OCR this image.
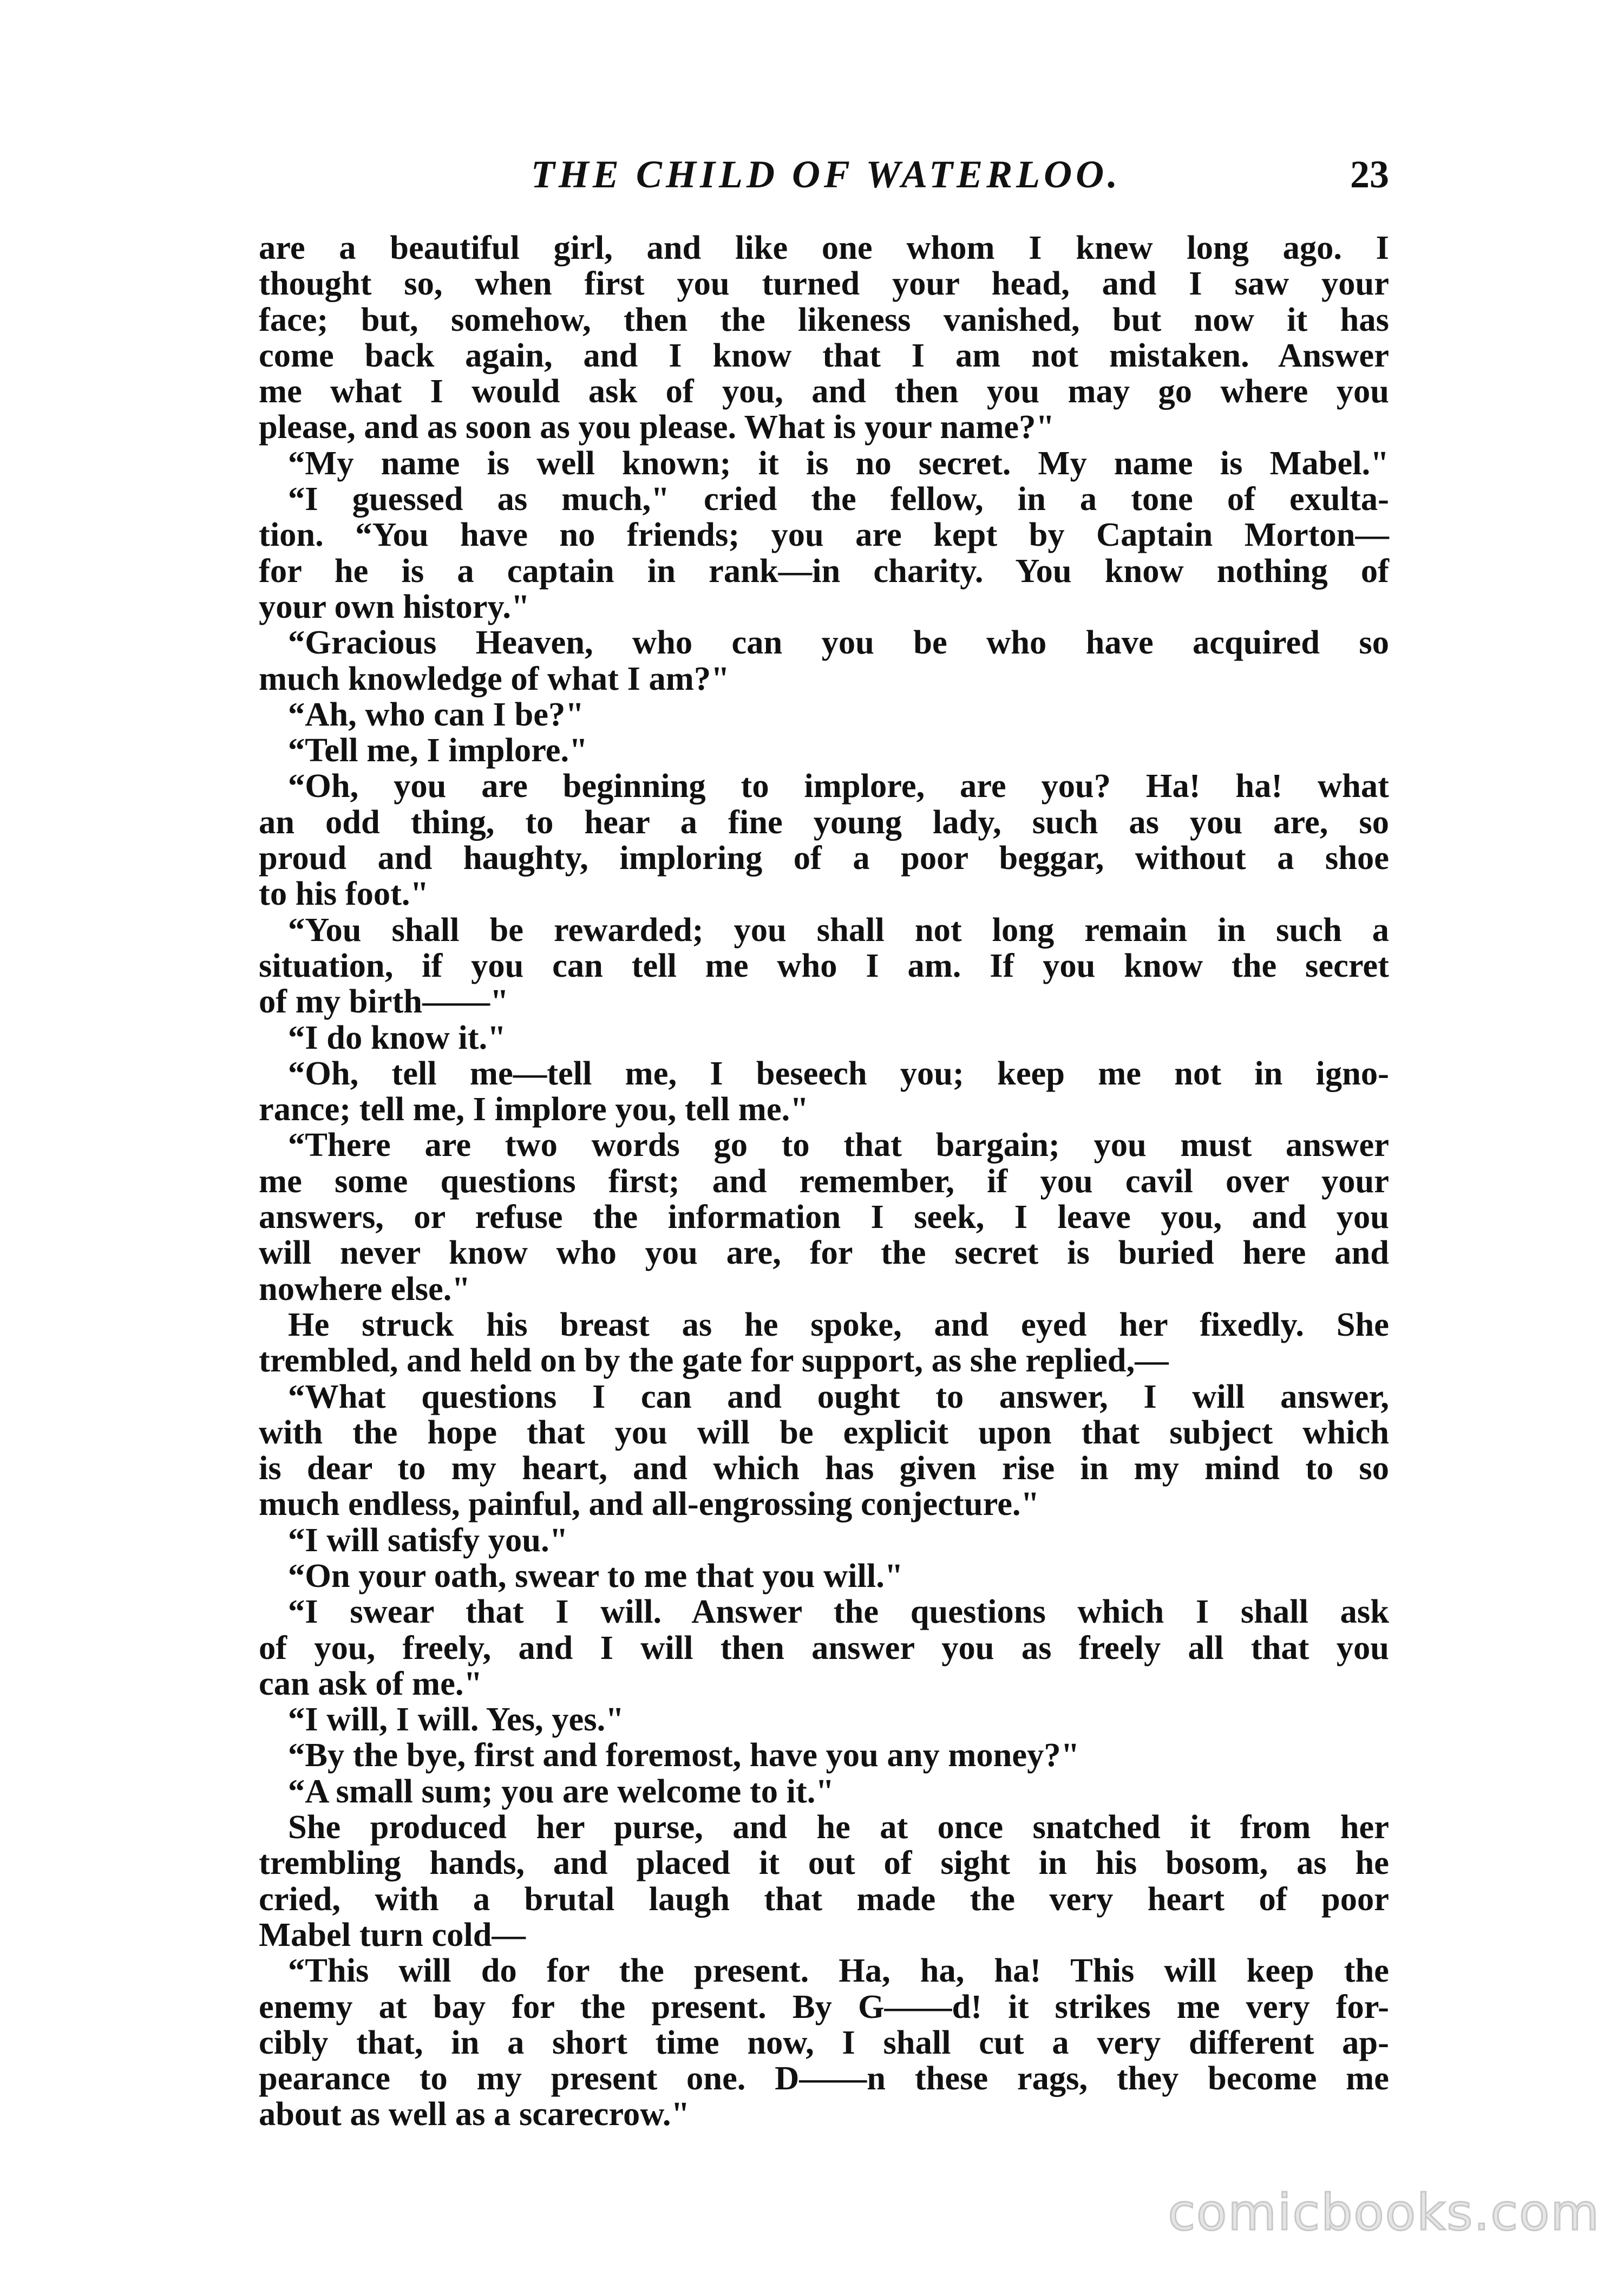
THE CHILD OF WATERLOO.	23
are a beautiful girl, and like one whom I knew long ago. I
thought so, when first you turned your head, and I saw your
face; but, somehow, then the likeness vanished, but now it has
come back again, and I know that I am not mistaken. Answer
me what I would ask of you, and then you may go where you
please, and as soon as you please. What is your name?"
“My name is well known; it is no secret. My name is Mabel."
“I guessed as much," cried the fellow, in a tone of exulta-
tion. “You have no friends; you are kept by Captain Morton—
for he is a captain in rank—in charity. You know nothing of
your own history."
“Gracious Heaven, who can you be who have acquired so
much knowledge of what I am?"
“Ah, who can I be?"
“Tell me, I implore."
“Oh, you are beginning to implore, are you? Ha! ha! what
an odd thing, to hear a fine young lady, such as you are, so
proud and haughty, imploring of a poor beggar, without a shoe
to his foot."
“You shall be rewarded; you shall not long remain in such a
situation, if you can tell me who I am. If you know the secret
of my birth——"
“I do know it."
“Oh, tell me—tell me, I beseech you; keep me not in igno-
rance; tell me, I implore you, tell me."
“There are two words go to that bargain; you must answer
me some questions first; and remember, if you cavil over your
answers, or refuse the information I seek, I leave you, and you
will never know who you are, for the secret is buried here and
nowhere else."
He struck his breast as he spoke, and eyed her fixedly. She
trembled, and held on by the gate for support, as she replied,—
“What questions I can and ought to answer, I will answer,
with the hope that you will be explicit upon that subject which
is dear to my heart, and which has given rise in my mind to so
much endless, painful, and all-engrossing conjecture."
“I will satisfy you."
“On your oath, swear to me that you will."
“I swear that I will. Answer the questions which I shall ask
of you, freely, and I will then answer you as freely all that you
can ask of me."
“I will, I will. Yes, yes."
“By the bye, first and foremost, have you any money?"
“A small sum; you are welcome to it."
She produced her purse, and he at once snatched it from her
trembling hands, and placed it out of sight in his bosom, as he
cried, with a brutal laugh that made the very heart of poor
Mabel turn cold—
“This will do for the present. Ha, ha, ha! This will keep the
enemy at bay for the present. By G——d! it strikes me very for-
cibly that, in a short time now, I shall cut a very different ap-
pearance to my present one. D——n these rags, they become me
about as well as a scarecrow."
comicbooks.com
